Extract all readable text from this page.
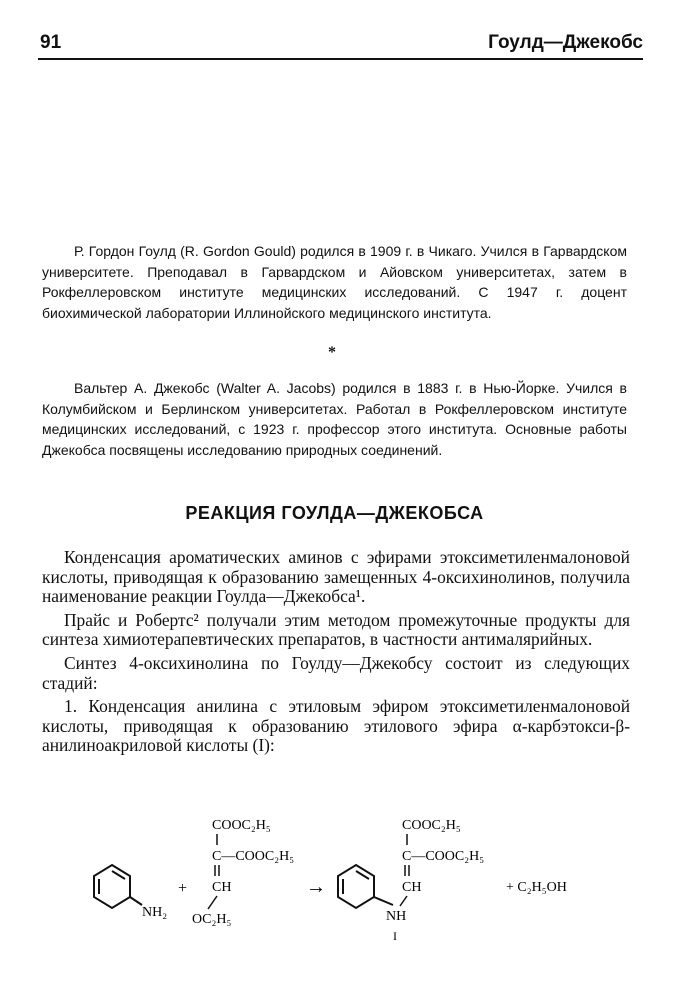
91	Гоулд—Джекобс

Р. Гордон Гоулд (R. Gordon Gould) родился в 1909 г. в Чикаго. Учился в Гарвардском университете. Преподавал в Гарвардском и Айовском университетах, затем в Рокфеллеровском институте медицинских исследований. С 1947 г. доцент биохимической лаборатории Иллинойского медицинского института.

*

Вальтер А. Джекобс (Walter A. Jacobs) родился в 1883 г. в Нью-Йорке. Учился в Колумбийском и Берлинском университетах. Работал в Рокфеллеровском институте медицинских исследований, с 1923 г. профессор этого института. Основные работы Джекобса посвящены исследованию природных соединений.

РЕАКЦИЯ ГОУЛДА—ДЖЕКОБСА

Конденсация ароматических аминов с эфирами этоксиметиленмалоновой кислоты, приводящая к образованию замещенных 4-оксихинолинов, получила наименование реакции Гоулда—Джекобса¹.

Прайс и Робертс² получали этим методом промежуточные продукты для синтеза химиотерапевтических препаратов, в частности антималярийных.

Синтез 4-оксихинолина по Гоулду—Джекобсу состоит из следующих стадий:

1. Конденсация анилина с этиловым эфиром этоксиметиленмалоновой кислоты, приводящая к образованию этилового эфира α-карбэтокси-β-анилиноакриловой кислоты (I):

NH₂
+
COOC₂H₅
C—COOC₂H₅
CH
OC₂H₅
→
COOC₂H₅
C—COOC₂H₅
CH
NH
I
+ C₂H₅OH
